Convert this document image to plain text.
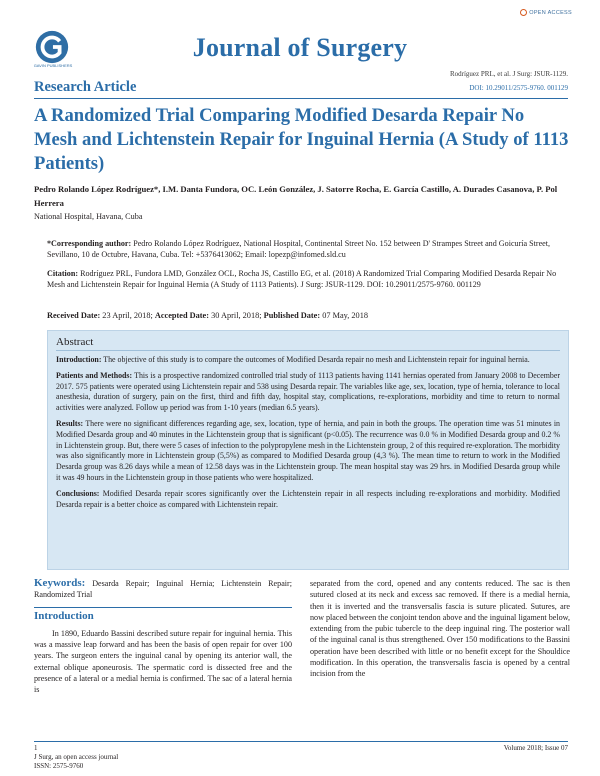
OPEN ACCESS
GAVIN PUBLISHERS
Journal of Surgery
Research Article
Rodríguez PRL, et al. J Surg: JSUR-1129.
DOI: 10.29011/2575-9760. 001129
A Randomized Trial Comparing Modified Desarda Repair No Mesh and Lichtenstein Repair for Inguinal Hernia (A Study of 1113 Patients)
Pedro Rolando López Rodríguez*, I.M. Danta Fundora, OC. León González, J. Satorre Rocha, E. García Castillo, A. Durades Casanova, P. Pol Herrera
National Hospital, Havana, Cuba
*Corresponding author: Pedro Rolando López Rodríguez, National Hospital, Continental Street No. 152 between D' Strampes Street and Goicuría Street, Sevillano, 10 de Octubre, Havana, Cuba. Tel: +5376413062; Email: lopezp@infomed.sld.cu
Citation: Rodríguez PRL, Fundora LMD, González OCL, Rocha JS, Castillo EG, et al. (2018) A Randomized Trial Comparing Modified Desarda Repair No Mesh and Lichtenstein Repair for Inguinal Hernia (A Study of 1113 Patients). J Surg: JSUR-1129. DOI: 10.29011/2575-9760. 001129
Received Date: 23 April, 2018; Accepted Date: 30 April, 2018; Published Date: 07 May, 2018
Abstract

Introduction: The objective of this study is to compare the outcomes of Modified Desarda repair no mesh and Lichtenstein repair for inguinal hernia.

Patients and Methods: This is a prospective randomized controlled trial study of 1113 patients having 1141 hernias operated from January 2008 to December 2017. 575 patients were operated using Lichtenstein repair and 538 using Desarda repair. The variables like age, sex, location, type of hernia, tolerance to local anesthesia, duration of surgery, pain on the first, third and fifth day, hospital stay, complications, re-explorations, morbidity and time to return to normal activities were analyzed. Follow up period was from 1-10 years (median 6.5 years).

Results: There were no significant differences regarding age, sex, location, type of hernia, and pain in both the groups. The operation time was 51 minutes in Modified Desarda group and 40 minutes in the Lichtenstein group that is significant (p<0.05). The recurrence was 0.0 % in Modified Desarda group and 0.2 % in Lichtenstein group. But, there were 5 cases of infection to the polypropylene mesh in the Lichtenstein group, 2 of this required re-exploration. The morbidity was also significantly more in Lichtenstein group (5,5%) as compared to Modified Desarda group (4,3 %). The mean time to return to work in the Modified Desarda group was 8.26 days while a mean of 12.58 days was in the Lichtenstein group. The mean hospital stay was 29 hrs. in Modified Desarda group while it was 49 hours in the Lichtenstein group in those patients who were hospitalized.

Conclusions: Modified Desarda repair scores significantly over the Lichtenstein repair in all respects including re-explorations and morbidity. Modified Desarda repair is a better choice as compared with Lichtenstein repair.

Keywords: Desarda Repair; Inguinal Hernia; Lichtenstein Repair; Randomized Trial
Introduction

In 1890, Eduardo Bassini described suture repair for inguinal hernia. This was a massive leap forward and has been the basis of open repair for over 100 years. The surgeon enters the inguinal canal by opening its anterior wall, the external oblique aponeurosis. The spermatic cord is dissected free and the presence of a lateral or a medial hernia is confirmed. The sac of a lateral hernia is

separated from the cord, opened and any contents reduced. The sac is then sutured closed at its neck and excess sac removed. If there is a medial hernia, then it is inverted and the transversalis fascia is suture plicated. Sutures, are now placed between the conjoint tendon above and the inguinal ligament below, extending from the pubic tubercle to the deep inguinal ring. The posterior wall of the inguinal canal is thus strengthened. Over 150 modifications to the Bassini operation have been described with little or no benefit except for the Shouldice modification. In this operation, the transversalis fascia is opened by a central incision from the

1
J Surg, an open access journal
ISSN: 2575-9760
Volume 2018; Issue 07
